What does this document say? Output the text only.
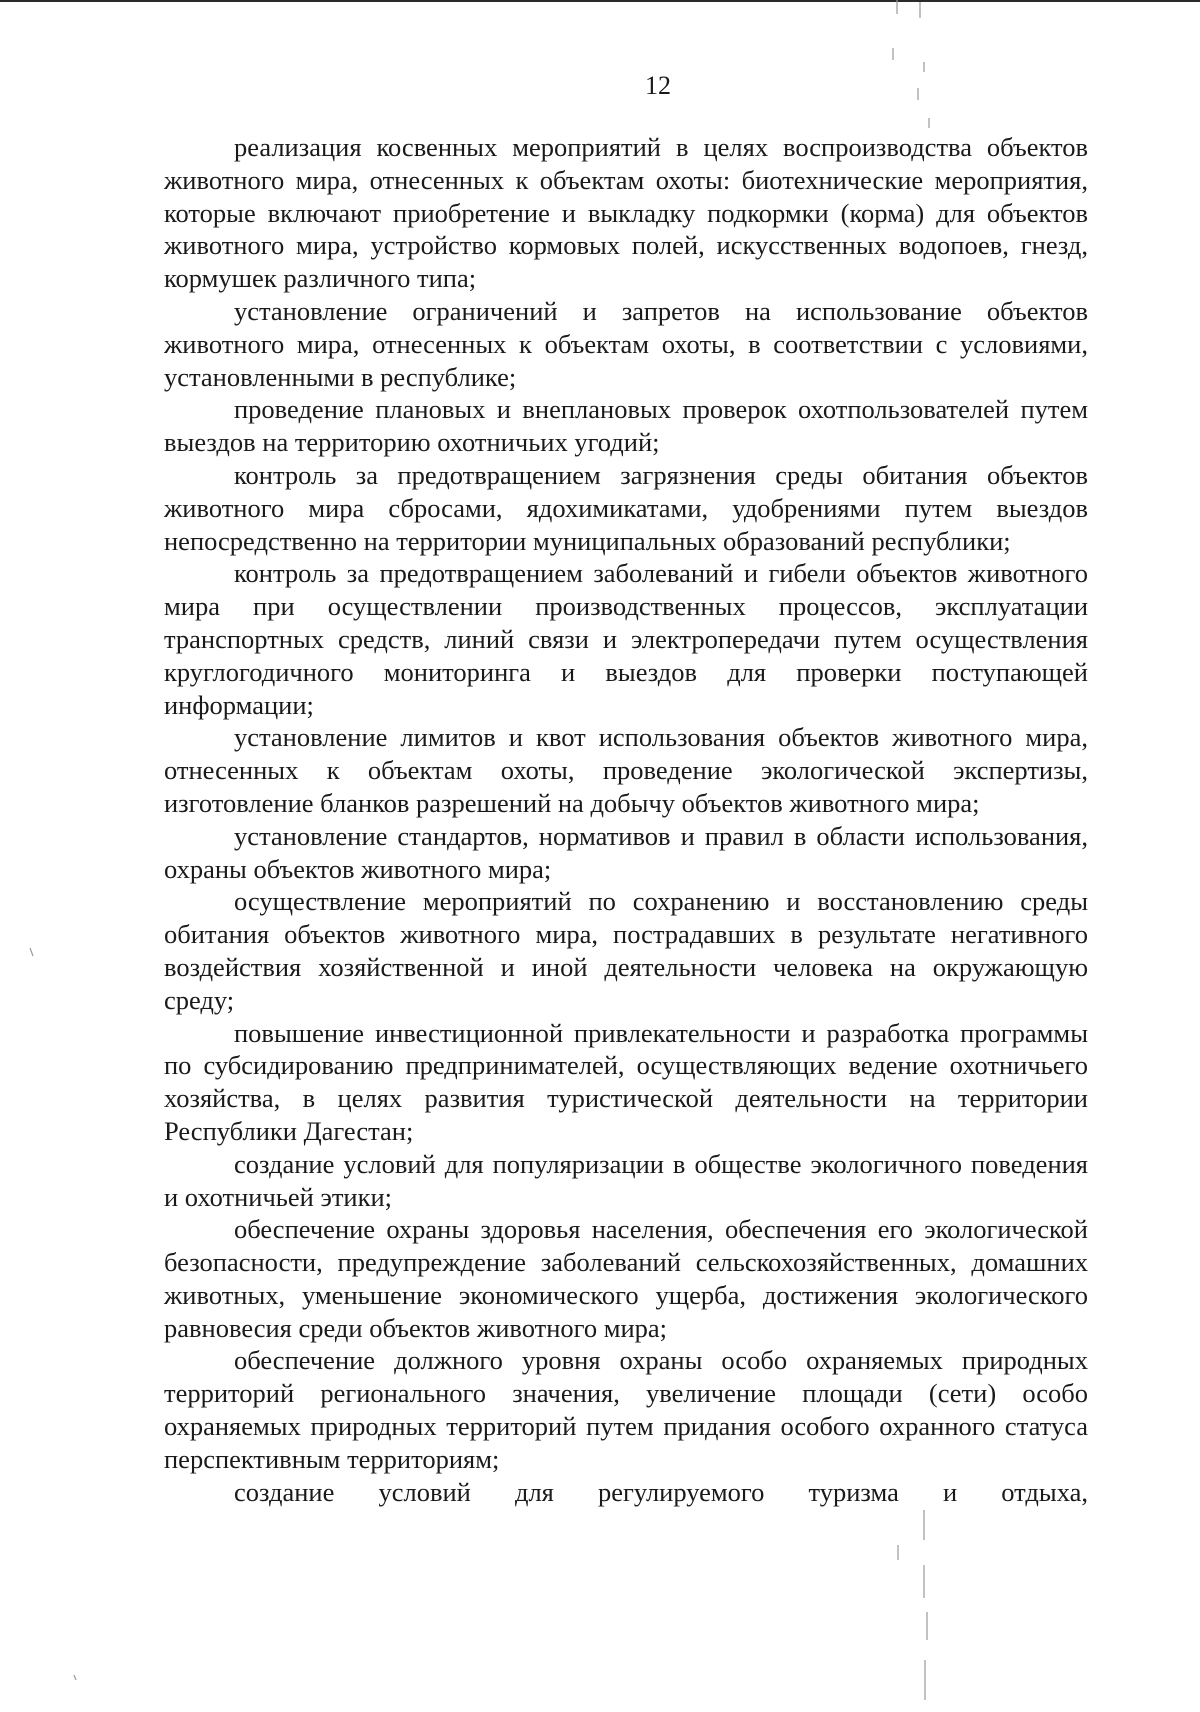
12

реализация косвенных мероприятий в целях воспроизводства объектов животного мира, отнесенных к объектам охоты: биотехнические мероприятия, которые включают приобретение и выкладку подкормки (корма) для объектов животного мира, устройство кормовых полей, искусственных водопоев, гнезд, кормушек различного типа;

установление ограничений и запретов на использование объектов животного мира, отнесенных к объектам охоты, в соответствии с условиями, установленными в республике;

проведение плановых и внеплановых проверок охотпользователей путем выездов на территорию охотничьих угодий;

контроль за предотвращением загрязнения среды обитания объектов животного мира сбросами, ядохимикатами, удобрениями путем выездов непосредственно на территории муниципальных образований республики;

контроль за предотвращением заболеваний и гибели объектов животного мира при осуществлении производственных процессов, эксплуатации транспортных средств, линий связи и электропередачи путем осуществления круглогодичного мониторинга и выездов для проверки поступающей информации;

установление лимитов и квот использования объектов животного мира, отнесенных к объектам охоты, проведение экологической экспертизы, изготовление бланков разрешений на добычу объектов животного мира;

установление стандартов, нормативов и правил в области использования, охраны объектов животного мира;

осуществление мероприятий по сохранению и восстановлению среды обитания объектов животного мира, пострадавших в результате негативного воздействия хозяйственной и иной деятельности человека на окружающую среду;

повышение инвестиционной привлекательности и разработка программы по субсидированию предпринимателей, осуществляющих ведение охотничьего хозяйства, в целях развития туристической деятельности на территории Республики Дагестан;

создание условий для популяризации в обществе экологичного поведения и охотничьей этики;

обеспечение охраны здоровья населения, обеспечения его экологической безопасности, предупреждение заболеваний сельскохозяйственных, домашних животных, уменьшение экономического ущерба, достижения экологического равновесия среди объектов животного мира;

обеспечение должного уровня охраны особо охраняемых природных территорий регионального значения, увеличение площади (сети) особо охраняемых природных территорий путем придания особого охранного статуса перспективным территориям;

создание условий для регулируемого туризма и отдыха,
